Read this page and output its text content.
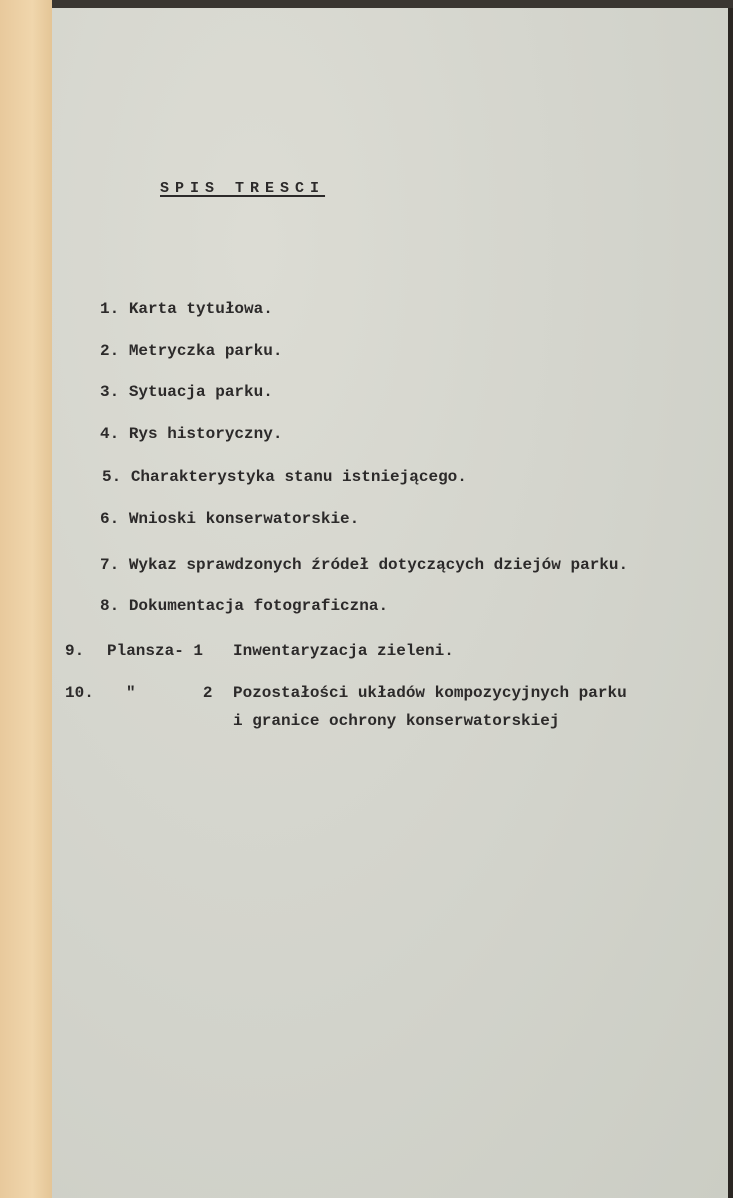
SPIS TRESCI
1. Karta tytułowa.
2. Metryczka parku.
3. Sytuacja parku.
4. Rys historyczny.
5. Charakterystyka stanu istniejącego.
6. Wnioski konserwatorskie.
7. Wykaz sprawdzonych źródeł dotyczących dziejów parku.
8. Dokumentacja fotograficzna.
9. Plansza- 1 Inwentaryzacja zieleni.
10. "       2 Pozostałości układów kompozycyjnych parku
i granice ochrony konserwatorskiej
